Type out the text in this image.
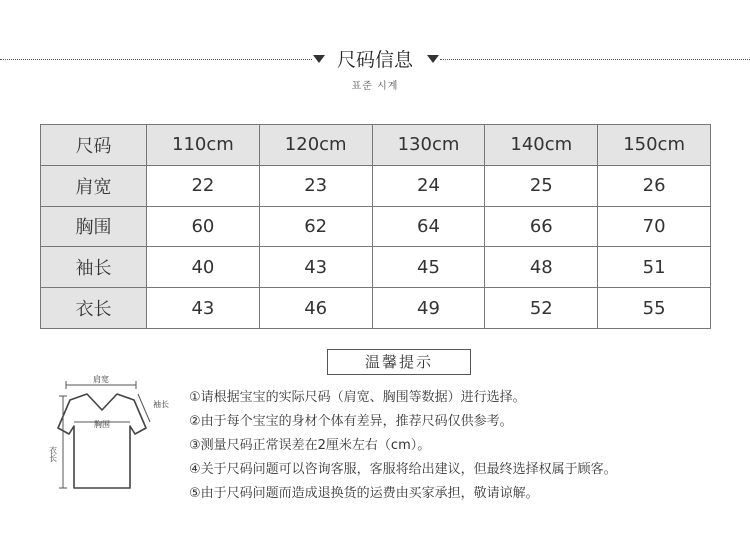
尺码信息
표준 시계
尺码	110cm	120cm	130cm	140cm	150cm
肩宽	22	23	24	25	26
胸围	60	62	64	66	70
袖长	40	43	45	48	51
衣长	43	46	49	52	55
温馨提示
肩宽
胸围
袖长
衣长
①请根据宝宝的实际尺码（肩宽、胸围等数据）进行选择。
②由于每个宝宝的身材个体有差异，推荐尺码仅供参考。
③测量尺码正常误差在2厘米左右（cm）。
④关于尺码问题可以咨询客服，客服将给出建议，但最终选择权属于顾客。
⑤由于尺码问题而造成退换货的运费由买家承担，敬请谅解。
